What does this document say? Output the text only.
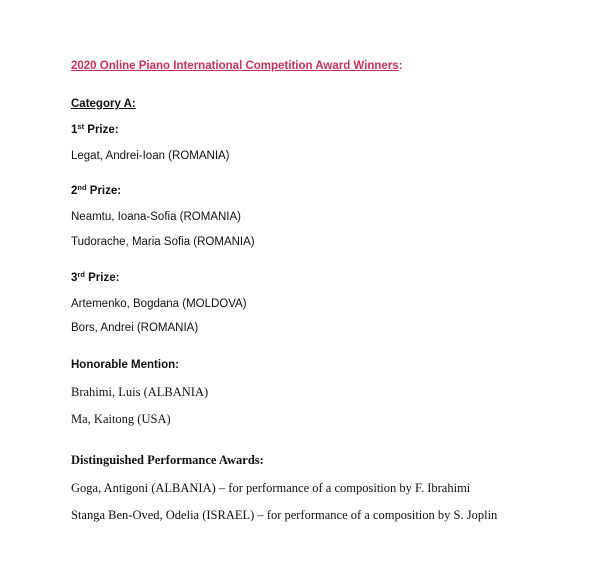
2020 Online Piano International Competition Award Winners:
Category A:
1st Prize:
Legat, Andrei-Ioan (ROMANIA)
2nd Prize:
Neamtu, Ioana-Sofia (ROMANIA)
Tudorache, Maria Sofia (ROMANIA)
3rd Prize:
Artemenko, Bogdana (MOLDOVA)
Bors, Andrei (ROMANIA)
Honorable Mention:
Brahimi, Luis (ALBANIA)
Ma, Kaitong (USA)
Distinguished Performance Awards:
Goga, Antigoni (ALBANIA) – for performance of a composition by F. Ibrahimi
Stanga Ben-Oved, Odelia (ISRAEL) – for performance of a composition by S. Joplin
